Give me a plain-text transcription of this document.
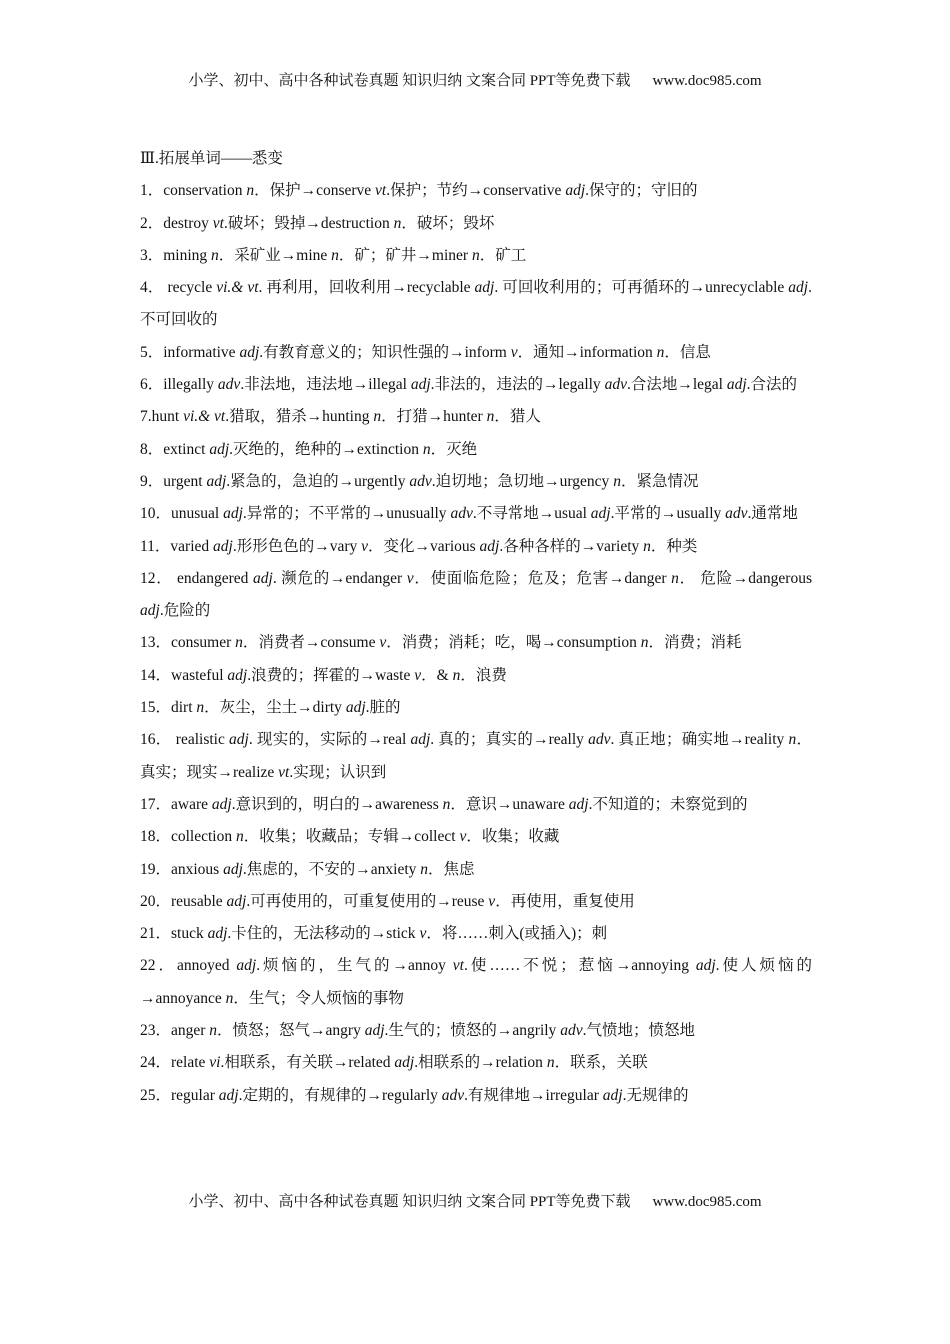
小学、初中、高中各种试卷真题 知识归纳 文案合同 PPT等免费下载 www.doc985.com
Ⅲ.拓展单词——悉变
1．conservation n．保护→conserve vt.保护；节约→conservative adj.保守的；守旧的
2．destroy vt.破坏；毁掉→destruction n．破坏；毁坏
3．mining n．采矿业→mine n．矿；矿井→miner n．矿工
4． recycle vi.& vt. 再利用，回收利用→recyclable adj. 可回收利用的；可再循环的→unrecyclable adj.不可回收的
5．informative adj.有教育意义的；知识性强的→inform v．通知→information n．信息
6．illegally adv.非法地，违法地→illegal adj.非法的，违法的→legally adv.合法地→legal adj.合法的
7.hunt vi.& vt.猎取，猎杀→hunting n．打猎→hunter n．猎人
8．extinct adj.灭绝的，绝种的→extinction n．灭绝
9．urgent adj.紧急的，急迫的→urgently adv.迫切地；急切地→urgency n．紧急情况
10．unusual adj.异常的；不平常的→unusually adv.不寻常地→usual adj.平常的→usually adv.通常地
11．varied adj.形形色色的→vary v．变化→various adj.各种各样的→variety n．种类
12． endangered adj. 濒危的→endanger v．使面临危险；危及；危害→danger n． 危险→dangerous adj.危险的
13．consumer n．消费者→consume v．消费；消耗；吃，喝→consumption n．消费；消耗
14．wasteful adj.浪费的；挥霍的→waste v．& n．浪费
15．dirt n．灰尘，尘土→dirty adj.脏的
16． realistic adj. 现实的，实际的→real adj. 真的；真实的→really adv. 真正地；确实地→reality n．真实；现实→realize vt.实现；认识到
17．aware adj.意识到的，明白的→awareness n．意识→unaware adj.不知道的；未察觉到的
18．collection n．收集；收藏品；专辑→collect v．收集；收藏
19．anxious adj.焦虑的，不安的→anxiety n．焦虑
20．reusable adj.可再使用的，可重复使用的→reuse v．再使用，重复使用
21．stuck adj.卡住的，无法移动的→stick v．将……刺入(或插入)；刺
22．annoyed adj.烦恼的，生气的→annoy vt.使……不悦；惹恼→annoying adj.使人烦恼的→annoyance n．生气；令人烦恼的事物
23．anger n．愤怒；怒气→angry adj.生气的；愤怒的→angrily adv.气愤地；愤怒地
24．relate vi.相联系，有关联→related adj.相联系的→relation n．联系，关联
25．regular adj.定期的，有规律的→regularly adv.有规律地→irregular adj.无规律的
小学、初中、高中各种试卷真题 知识归纳 文案合同 PPT等免费下载 www.doc985.com
